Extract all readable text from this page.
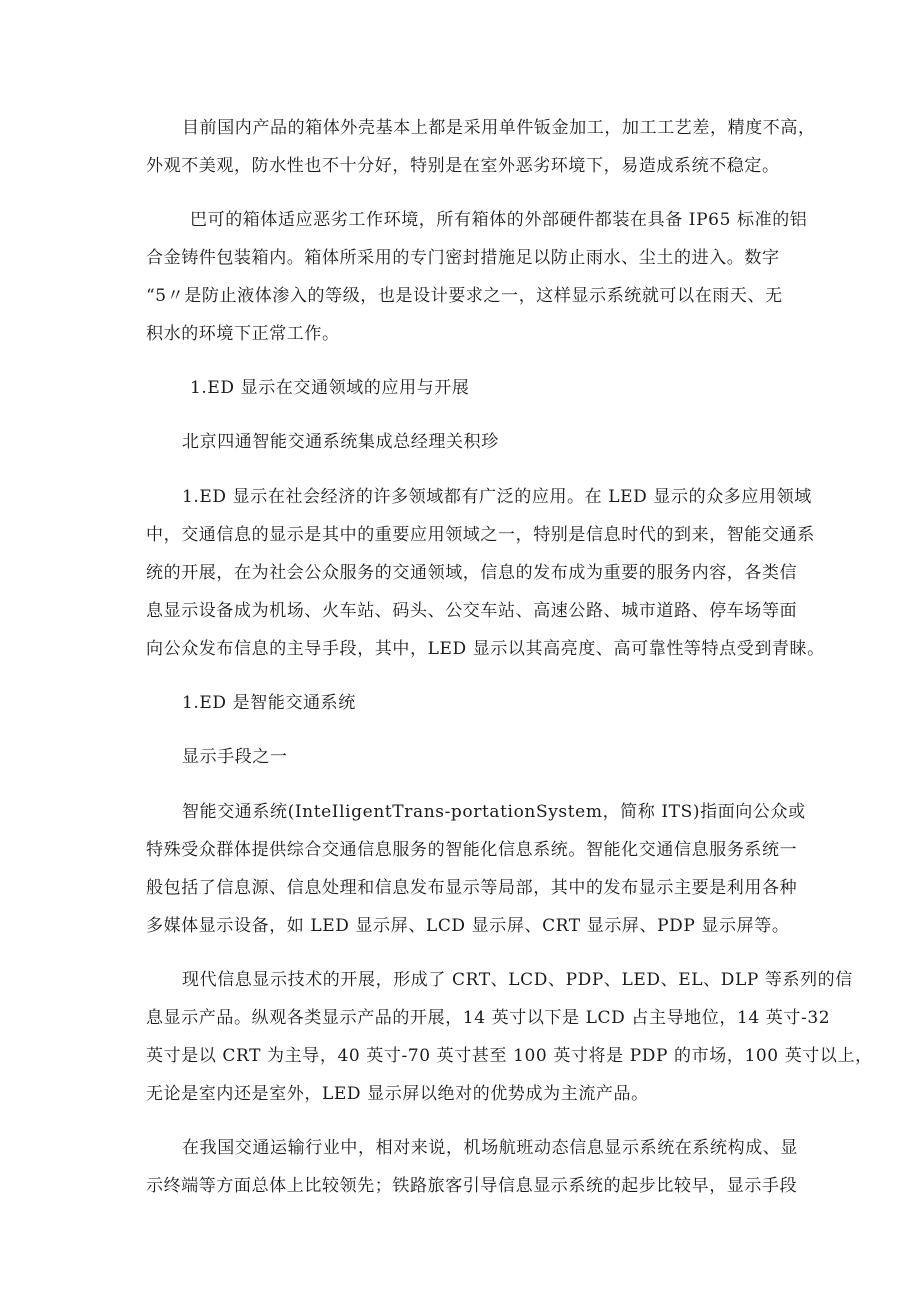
目前国内产品的箱体外壳基本上都是采用单件钣金加工，加工工艺差，精度不高，

外观不美观，防水性也不十分好，特别是在室外恶劣环境下，易造成系统不稳定。

巴可的箱体适应恶劣工作环境，所有箱体的外部硬件都装在具备 IP65 标准的铝

合金铸件包装箱内。箱体所采用的专门密封措施足以防止雨水、尘土的进入。数字

“5〃是防止液体渗入的等级，也是设计要求之一，这样显示系统就可以在雨天、无

积水的环境下正常工作。

1.ED 显示在交通领域的应用与开展

北京四通智能交通系统集成总经理关积珍

1.ED 显示在社会经济的许多领域都有广泛的应用。在 LED 显示的众多应用领域

中，交通信息的显示是其中的重要应用领域之一，特别是信息时代的到来，智能交通系

统的开展，在为社会公众服务的交通领域，信息的发布成为重要的服务内容，各类信

息显示设备成为机场、火车站、码头、公交车站、高速公路、城市道路、停车场等面

向公众发布信息的主导手段，其中，LED 显示以其高亮度、高可靠性等特点受到青睐。

1.ED 是智能交通系统

显示手段之一

智能交通系统(InteIligentTrans-portationSystem，简称 ITS)指面向公众或

特殊受众群体提供综合交通信息服务的智能化信息系统。智能化交通信息服务系统一

般包括了信息源、信息处理和信息发布显示等局部，其中的发布显示主要是利用各种

多媒体显示设备，如 LED 显示屏、LCD 显示屏、CRT 显示屏、PDP 显示屏等。

现代信息显示技术的开展，形成了 CRT、LCD、PDP、LED、EL、DLP 等系列的信

息显示产品。纵观各类显示产品的开展，14 英寸以下是 LCD 占主导地位，14 英寸-32

英寸是以 CRT 为主导，40 英寸-70 英寸甚至 100 英寸将是 PDP 的市场，100 英寸以上，

无论是室内还是室外，LED 显示屏以绝对的优势成为主流产品。

在我国交通运输行业中，相对来说，机场航班动态信息显示系统在系统构成、显

示终端等方面总体上比较领先；铁路旅客引导信息显示系统的起步比较早，显示手段
